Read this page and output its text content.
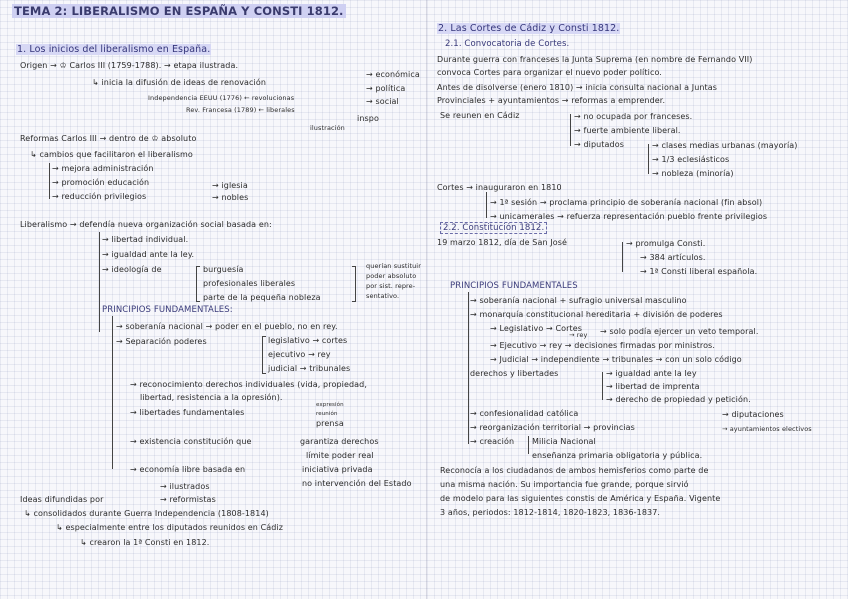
TEMA 2: LIBERALISMO EN ESPAÑA Y CONSTI 1812.
1. Los inicios del liberalismo en España.
Origen → ♔ Carlos III (1759-1788). → etapa ilustrada.
↳ inicia la difusión de ideas de renovación
→ económica
→ política
→ social
Independencia EEUU (1776) ← revolucionas
Rev. Francesa (1789) ← liberales
inspo
ilustración
Reformas Carlos III → dentro de ♔ absoluto
↳ cambios que facilitaron el liberalismo
→ mejora administración
→ promoción educación
→ reducción privilegios
→ iglesia
→ nobles
Liberalismo → defendía nueva organización social basada en:
→ libertad individual.
→ igualdad ante la ley.
→ ideología de	burguesía
profesionales liberales
parte de la pequeña nobleza
querían sustituir
poder absoluto
por sist. repre-
sentativo.
PRINCIPIOS FUNDAMENTALES:
→ soberanía nacional → poder en el pueblo, no en rey.
→ Separación poderes	legislativo → cortes
ejecutivo → rey
judicial → tribunales
→ reconocimiento derechos individuales (vida, propiedad,
libertad, resistencia a la opresión).
→ libertades fundamentales
expresión
reunión
prensa
→ existencia constitución que	garantiza derechos
límite poder real
→ economía libre basada en	iniciativa privada
no intervención del Estado
→ ilustrados
Ideas difundidas por	→ reformistas
↳ consolidados durante Guerra Independencia (1808-1814)
↳ especialmente entre los diputados reunidos en Cádiz
↳ crearon la 1ª Consti en 1812.
2. Las Cortes de Cádiz y Consti 1812.
2.1. Convocatoria de Cortes.
Durante guerra con franceses la Junta Suprema (en nombre de Fernando VII)
convoca Cortes para organizar el nuevo poder político.
Antes de disolverse (enero 1810) → inicia consulta nacional a Juntas
Provinciales + ayuntamientos → reformas a emprender.
Se reunen en Cádiz	→ no ocupada por franceses.
→ fuerte ambiente liberal.
→ diputados	→ clases medias urbanas (mayoría)
→ 1/3 eclesiásticos
→ nobleza (minoría)
Cortes → inauguraron en 1810
→ 1ª sesión → proclama principio de soberanía nacional (fin absol)
→ unicamerales → refuerza representación pueblo frente privilegios
2.2. Constitución 1812.
19 marzo 1812, día de San José	→ promulga Consti.
→ 384 artículos.
→ 1ª Consti liberal española.
PRINCIPIOS FUNDAMENTALES
→ soberanía nacional + sufragio universal masculino
→ monarquía constitucional hereditaria + división de poderes
→ Legislativo → Cortes
→ rey → solo podía ejercer un veto temporal.
→ Ejecutivo → rey → decisiones firmadas por ministros.
→ Judicial → independiente → tribunales → con un solo código
derechos y libertades	→ igualdad ante la ley
→ libertad de imprenta
→ derecho de propiedad y petición.
→ confesionalidad católica
→ reorganización territorial → provincias
→ diputaciones
→ ayuntamientos electivos
→ creación Milicia Nacional
enseñanza primaria obligatoria y pública.
Reconocía a los ciudadanos de ambos hemisferios como parte de
una misma nación. Su importancia fue grande, porque sirvió
de modelo para las siguientes constis de América y España. Vigente
3 años, periodos: 1812-1814, 1820-1823, 1836-1837.
